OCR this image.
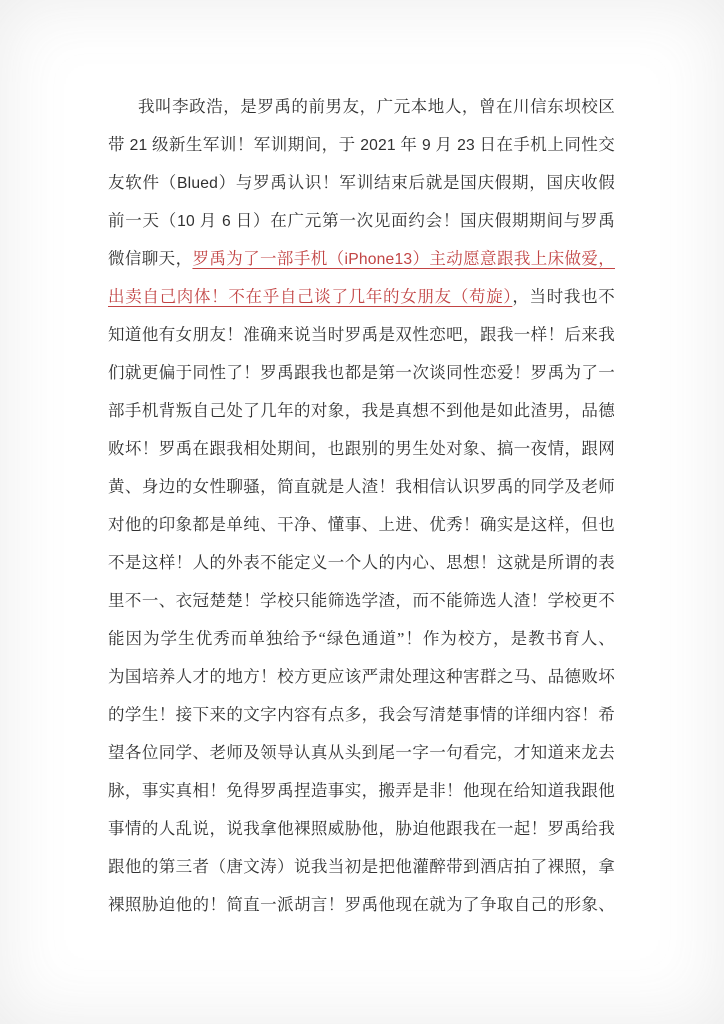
我叫李政浩，是罗禹的前男友，广元本地人，曾在川信东坝校区
带 21 级新生军训！军训期间，于 2021 年 9 月 23 日在手机上同性交
友软件（Blued）与罗禹认识！军训结束后就是国庆假期，国庆收假
前一天（10 月 6 日）在广元第一次见面约会！国庆假期期间与罗禹
微信聊天，罗禹为了一部手机（iPhone13）主动愿意跟我上床做爱，
出卖自己肉体！不在乎自己谈了几年的女朋友（苟旋），当时我也不
知道他有女朋友！准确来说当时罗禹是双性恋吧，跟我一样！后来我
们就更偏于同性了！罗禹跟我也都是第一次谈同性恋爱！罗禹为了一
部手机背叛自己处了几年的对象，我是真想不到他是如此渣男，品德
败坏！罗禹在跟我相处期间，也跟别的男生处对象、搞一夜情，跟网
黄、身边的女性聊骚，简直就是人渣！我相信认识罗禹的同学及老师
对他的印象都是单纯、干净、懂事、上进、优秀！确实是这样，但也
不是这样！人的外表不能定义一个人的内心、思想！这就是所谓的表
里不一、衣冠楚楚！学校只能筛选学渣，而不能筛选人渣！学校更不
能因为学生优秀而单独给予“绿色通道”！作为校方，是教书育人、
为国培养人才的地方！校方更应该严肃处理这种害群之马、品德败坏
的学生！接下来的文字内容有点多，我会写清楚事情的详细内容！希
望各位同学、老师及领导认真从头到尾一字一句看完，才知道来龙去
脉，事实真相！免得罗禹捏造事实，搬弄是非！他现在给知道我跟他
事情的人乱说，说我拿他裸照威胁他，胁迫他跟我在一起！罗禹给我
跟他的第三者（唐文涛）说我当初是把他灌醉带到酒店拍了裸照，拿
裸照胁迫他的！简直一派胡言！罗禹他现在就为了争取自己的形象、
